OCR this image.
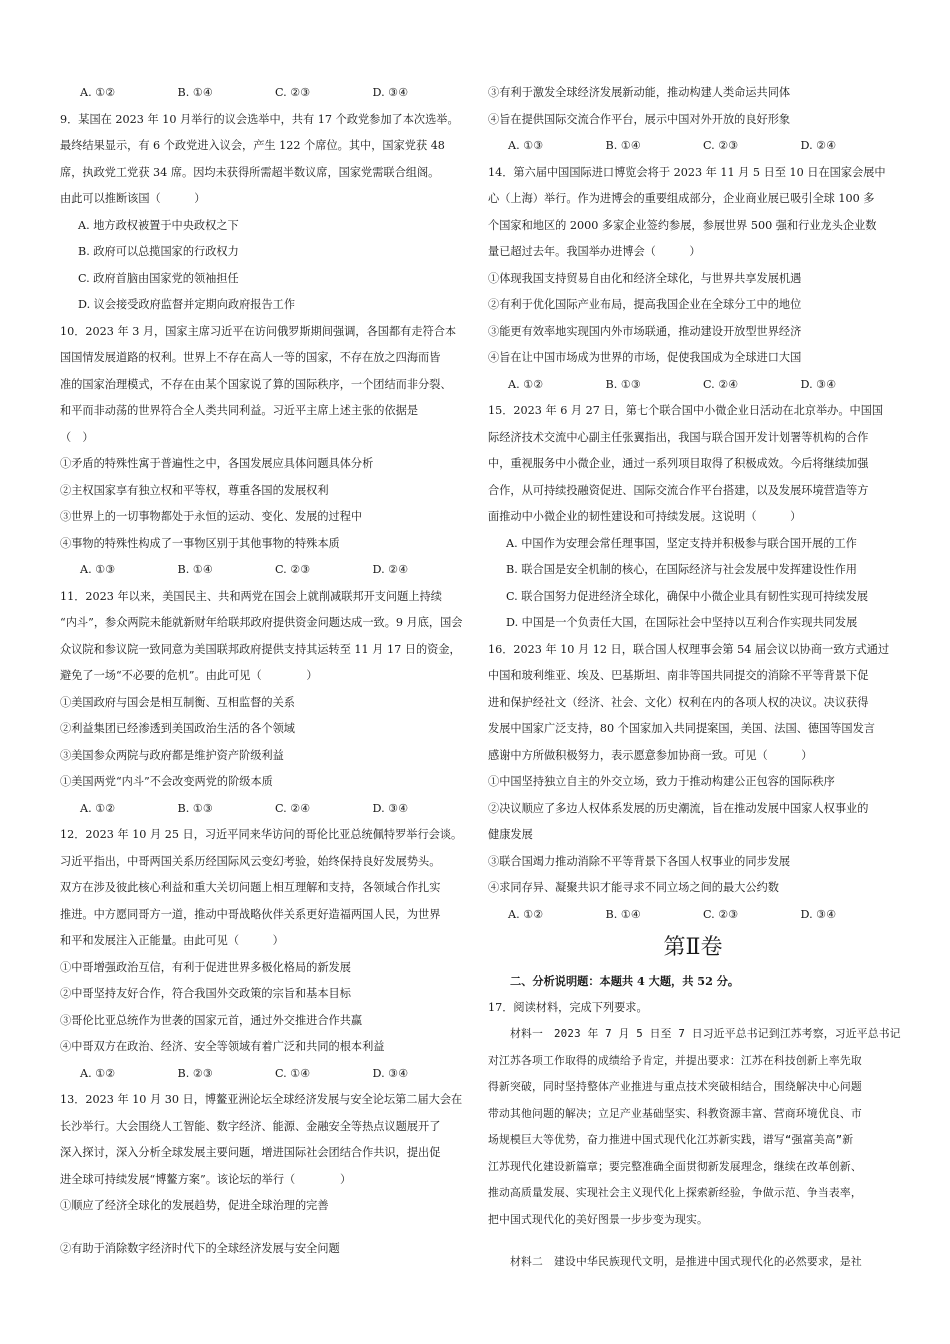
A. ①②	B. ①④	C. ②③	D. ③④
9．某国在 2023 年 10 月举行的议会选举中，共有 17 个政党参加了本次选举。
最终结果显示，有 6 个政党进入议会，产生 122 个席位。其中，国家党获 48
席，执政党工党获 34 席。因均未获得所需超半数议席，国家党需联合组阁。
由此可以推断该国（　　　）
A. 地方政权被置于中央政权之下
B. 政府可以总揽国家的行政权力
C. 政府首脑由国家党的领袖担任
D. 议会接受政府监督并定期向政府报告工作
10．2023 年 3 月，国家主席习近平在访问俄罗斯期间强调，各国都有走符合本
国国情发展道路的权利。世界上不存在高人一等的国家，不存在放之四海而皆
准的国家治理模式，不存在由某个国家说了算的国际秩序，一个团结而非分裂、
和平而非动荡的世界符合全人类共同利益。习近平主席上述主张的依据是
（　）
①矛盾的特殊性寓于普遍性之中，各国发展应具体问题具体分析
②主权国家享有独立权和平等权，尊重各国的发展权利
③世界上的一切事物都处于永恒的运动、变化、发展的过程中
④事物的特殊性构成了一事物区别于其他事物的特殊本质
A. ①③	B. ①④	C. ②③	D. ②④
11．2023 年以来，美国民主、共和两党在国会上就削减联邦开支问题上持续
“内斗”，参众两院未能就新财年给联邦政府提供资金问题达成一致。9 月底，国会
众议院和参议院一致同意为美国联邦政府提供支持其运转至 11 月 17 日的资金，
避免了一场“不必要的危机”。由此可见（　　　　）
①美国政府与国会是相互制衡、互相监督的关系
②利益集团已经渗透到美国政治生活的各个领域
③美国参众两院与政府都是维护资产阶级利益
①美国两党“内斗”不会改变两党的阶级本质
A. ①②	B. ①③	C. ②④	D. ③④
12．2023 年 10 月 25 日，习近平同来华访问的哥伦比亚总统佩特罗举行会谈。
习近平指出，中哥两国关系历经国际风云变幻考验，始终保持良好发展势头。
双方在涉及彼此核心利益和重大关切问题上相互理解和支持，各领域合作扎实
推进。中方愿同哥方一道，推动中哥战略伙伴关系更好造福两国人民，为世界
和平和发展注入正能量。由此可见（　　　）
①中哥增强政治互信，有利于促进世界多极化格局的新发展
②中哥坚持友好合作，符合我国外交政策的宗旨和基本目标
③哥伦比亚总统作为世袭的国家元首，通过外交推进合作共赢
④中哥双方在政治、经济、安全等领域有着广泛和共同的根本利益
A. ①②	B. ②③	C. ①④	D. ③④
13．2023 年 10 月 30 日，博鳌亚洲论坛全球经济发展与安全论坛第二届大会在
长沙举行。大会围绕人工智能、数字经济、能源、金融安全等热点议题展开了
深入探讨，深入分析全球发展主要问题，增进国际社会团结合作共识，提出促
进全球可持续发展“博鳌方案”。该论坛的举行（　　　　）
①顺应了经济全球化的发展趋势，促进全球治理的完善
②有助于消除数字经济时代下的全球经济发展与安全问题
③有利于激发全球经济发展新动能，推动构建人类命运共同体
④旨在提供国际交流合作平台，展示中国对外开放的良好形象
A. ①③	B. ①④	C. ②③	D. ②④
14．第六届中国国际进口博览会将于 2023 年 11 月 5 日至 10 日在国家会展中
心（上海）举行。作为进博会的重要组成部分，企业商业展已吸引全球 100 多
个国家和地区的 2000 多家企业签约参展，参展世界 500 强和行业龙头企业数
量已超过去年。我国举办进博会（　　　）
①体现我国支持贸易自由化和经济全球化，与世界共享发展机遇
②有利于优化国际产业布局，提高我国企业在全球分工中的地位
③能更有效率地实现国内外市场联通，推动建设开放型世界经济
④旨在让中国市场成为世界的市场，促使我国成为全球进口大国
A. ①②	B. ①③	C. ②④	D. ③④
15．2023 年 6 月 27 日，第七个联合国中小微企业日活动在北京举办。中国国
际经济技术交流中心副主任张翼指出，我国与联合国开发计划署等机构的合作
中，重视服务中小微企业，通过一系列项目取得了积极成效。今后将继续加强
合作，从可持续投融资促进、国际交流合作平台搭建，以及发展环境营造等方
面推动中小微企业的韧性建设和可持续发展。这说明（　　　）
A. 中国作为安理会常任理事国，坚定支持并积极参与联合国开展的工作
B. 联合国是安全机制的核心，在国际经济与社会发展中发挥建设性作用
C. 联合国努力促进经济全球化，确保中小微企业具有韧性实现可持续发展
D. 中国是一个负责任大国，在国际社会中坚持以互利合作实现共同发展
16．2023 年 10 月 12 日，联合国人权理事会第 54 届会议以协商一致方式通过
中国和玻利维亚、埃及、巴基斯坦、南非等国共同提交的消除不平等背景下促
进和保护经社文（经济、社会、文化）权利在内的各项人权的决议。决议获得
发展中国家广泛支持，80 个国家加入共同提案国，美国、法国、德国等国发言
感谢中方所做积极努力，表示愿意参加协商一致。可见（　　　）
①中国坚持独立自主的外交立场，致力于推动构建公正包容的国际秩序
②决议顺应了多边人权体系发展的历史潮流，旨在推动发展中国家人权事业的
健康发展
③联合国竭力推动消除不平等背景下各国人权事业的同步发展
④求同存异、凝聚共识才能寻求不同立场之间的最大公约数
A. ①②	B. ①④	C. ②③	D. ③④
第Ⅱ卷
二、分析说明题：本题共 4 大题，共 52 分。
17．阅读材料，完成下列要求。
材料一　2023 年 7 月 5 日至 7 日习近平总书记到江苏考察，习近平总书记
对江苏各项工作取得的成绩给予肯定，并提出要求：江苏在科技创新上率先取
得新突破，同时坚持整体产业推进与重点技术突破相结合，围绕解决中心问题
带动其他问题的解决；立足产业基础坚实、科教资源丰富、营商环境优良、市
场规模巨大等优势，奋力推进中国式现代化江苏新实践，谱写“强富美高”新
江苏现代化建设新篇章；要完整准确全面贯彻新发展理念，继续在改革创新、
推动高质量发展、实现社会主义现代化上探索新经验，争做示范、争当表率，
把中国式现代化的美好图景一步步变为现实。
材料二　建设中华民族现代文明，是推进中国式现代化的必然要求，是社
